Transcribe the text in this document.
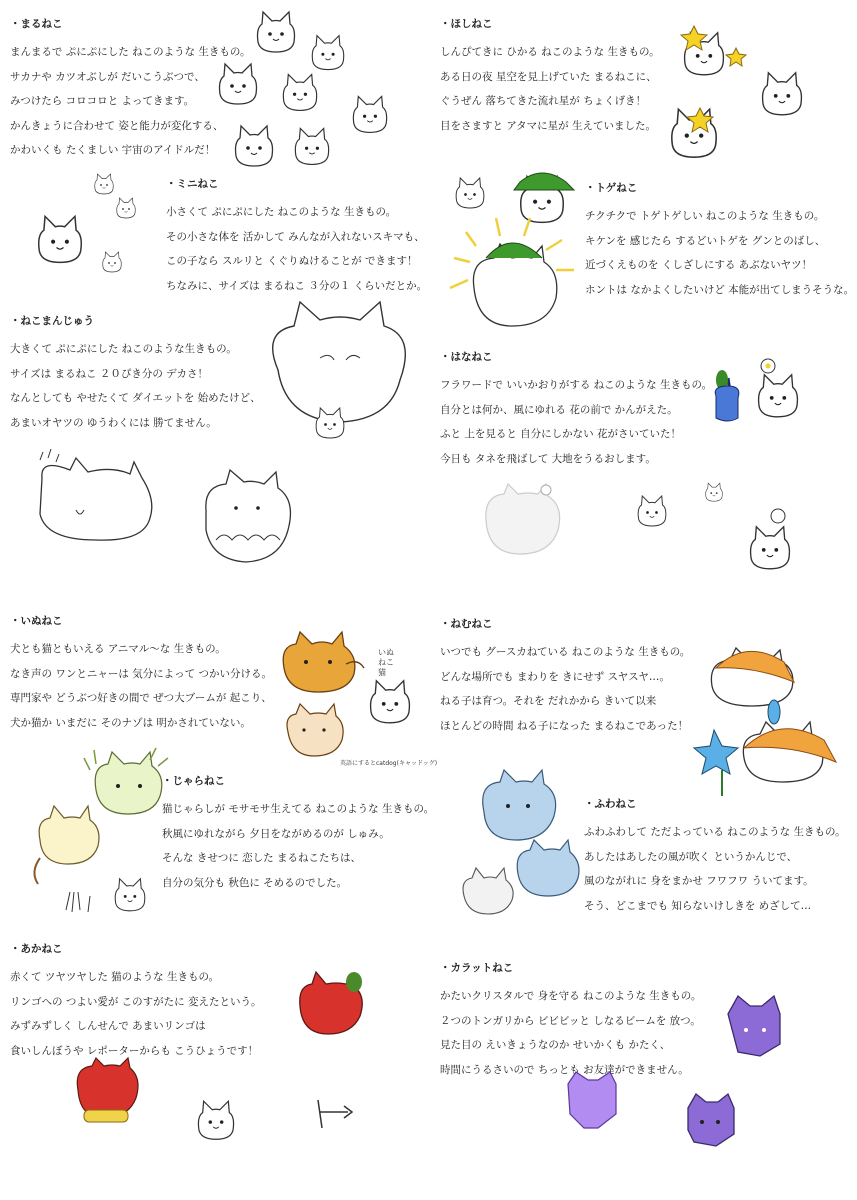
・まるねこ
まんまるで ぷにぷにした ねこのような 生きもの。
サカナや カツオぶしが だいこうぶつで、
みつけたら コロコロと よってきます。
かんきょうに合わせて 姿と能力が変化する、
かわいくも たくましい 宇宙のアイドルだ！
・ミニねこ
小さくて ぷにぷにした ねこのような 生きもの。
その小さな体を 活かして みんなが入れないスキマも、
この子なら スルリと くぐりぬけることが できます！
ちなみに、サイズは まるねこ ３分の１ くらいだとか。
・ねこまんじゅう
大きくて ぷにぷにした ねこのような生きもの。
サイズは まるねこ ２０ぴき分の デカさ！
なんとしても やせたくて ダイエットを 始めたけど、
あまいオヤツの ゆうわくには 勝てません。
・いぬねこ
犬とも猫ともいえる アニマル～な 生きもの。
なき声の ワンとニャーは 気分によって つかい分ける。
専門家や どうぶつ好きの間で ぜつ大ブームが 起こり、
犬か猫か いまだに そのナゾは 明かされていない。
・じゃらねこ
猫じゃらしが モサモサ生えてる ねこのような 生きもの。
秋風にゆれながら 夕日をながめるのが しゅみ。
そんな きせつに 恋した まるねこたちは、
自分の気分も 秋色に そめるのでした。
・あかねこ
赤くて ツヤツヤした 猫のような 生きもの。
リンゴへの つよい愛が このすがたに 変えたという。
みずみずしく しんせんで あまいリンゴは
食いしんぼうや レポーターからも こうひょうです！
・ほしねこ
しんぴてきに ひかる ねこのような 生きもの。
ある日の夜 星空を見上げていた まるねこに、
ぐうぜん 落ちてきた流れ星が ちょくげき！
目をさますと アタマに星が 生えていました。
・トゲねこ
チクチクで トゲトゲしい ねこのような 生きもの。
キケンを 感じたら するどいトゲを グンとのばし、
近づくえものを くしざしにする あぶないヤツ！
ホントは なかよくしたいけど 本能が出てしまうそうな。
・はなねこ
フラワードで いいかおりがする ねこのような 生きもの。
自分とは何か、風にゆれる 花の前で かんがえた。
ふと 上を見ると 自分にしかない 花がさいていた！
今日も タネを飛ばして 大地をうるおします。
・ねむねこ
いつでも グースカねている ねこのような 生きもの。
どんな場所でも まわりを きにせず スヤスヤ…。
ねる子は育つ。それを だれかから きいて以来
ほとんどの時間 ねる子になった まるねこであった！
・ふわねこ
ふわふわして ただよっている ねこのような 生きもの。
あしたはあしたの風が吹く というかんじで、
風のながれに 身をまかせ フワフワ ういてます。
そう、どこまでも 知らないけしきを めざして…
・カラットねこ
かたいクリスタルで 身を守る ねこのような 生きもの。
２つのトンガリから ビビビッと しなるビームを 放つ。
見た目の えいきょうなのか せいかくも かたく、
時間にうるさいので ちっとも お友達ができません。
英語にするとcatdog(キャッドッグ)
いぬねこ 猫
